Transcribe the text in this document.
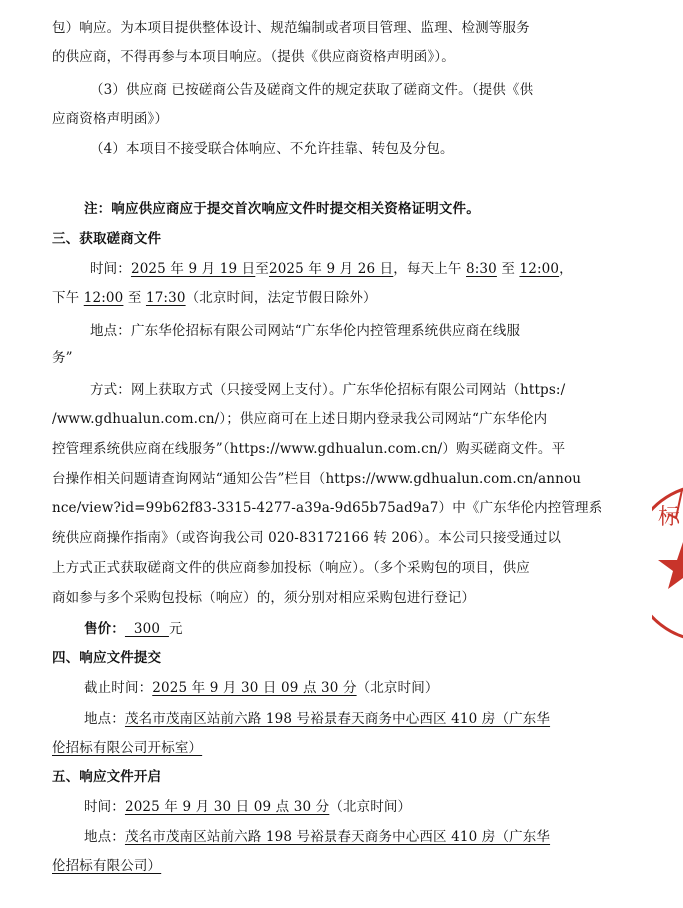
包）响应。为本项目提供整体设计、规范编制或者项目管理、监理、检测等服务
的供应商，不得再参与本项目响应。（提供《供应商资格声明函》）。
（3）供应商 已按磋商公告及磋商文件的规定获取了磋商文件。（提供《供
应商资格声明函》）
（4）本项目不接受联合体响应、不允许挂靠、转包及分包。
注：响应供应商应于提交首次响应文件时提交相关资格证明文件。
三、获取磋商文件
时间：2025 年 9 月 19 日至2025 年 9 月 26 日，每天上午 8:30 至 12:00，
下午 12:00 至 17:30（北京时间，法定节假日除外）
地点：广东华伦招标有限公司网站“广东华伦内控管理系统供应商在线服
务”
方式：网上获取方式（只接受网上支付）。广东华伦招标有限公司网站（https:/
/www.gdhualun.com.cn/）；供应商可在上述日期内登录我公司网站“广东华伦内
控管理系统供应商在线服务”（https://www.gdhualun.com.cn/）购买磋商文件。平
台操作相关问题请查询网站“通知公告”栏目（https://www.gdhualun.com.cn/annou
nce/view?id=99b62f83-3315-4277-a39a-9d65b75ad9a7）中《广东华伦内控管理系
统供应商操作指南》（或咨询我公司 020-83172166 转 206）。本公司只接受通过以
上方式正式获取磋商文件的供应商参加投标（响应）。（多个采购包的项目，供应
商如参与多个采购包投标（响应）的，须分别对相应采购包进行登记）
售价：  300  元
四、响应文件提交
截止时间：2025 年 9 月 30 日 09 点 30 分（北京时间）
地点：茂名市茂南区站前六路 198 号裕景春天商务中心西区 410 房（广东华
伦招标有限公司开标室）
五、响应文件开启
时间：2025 年 9 月 30 日 09 点 30 分（北京时间）
地点：茂名市茂南区站前六路 198 号裕景春天商务中心西区 410 房（广东华
伦招标有限公司）
标
